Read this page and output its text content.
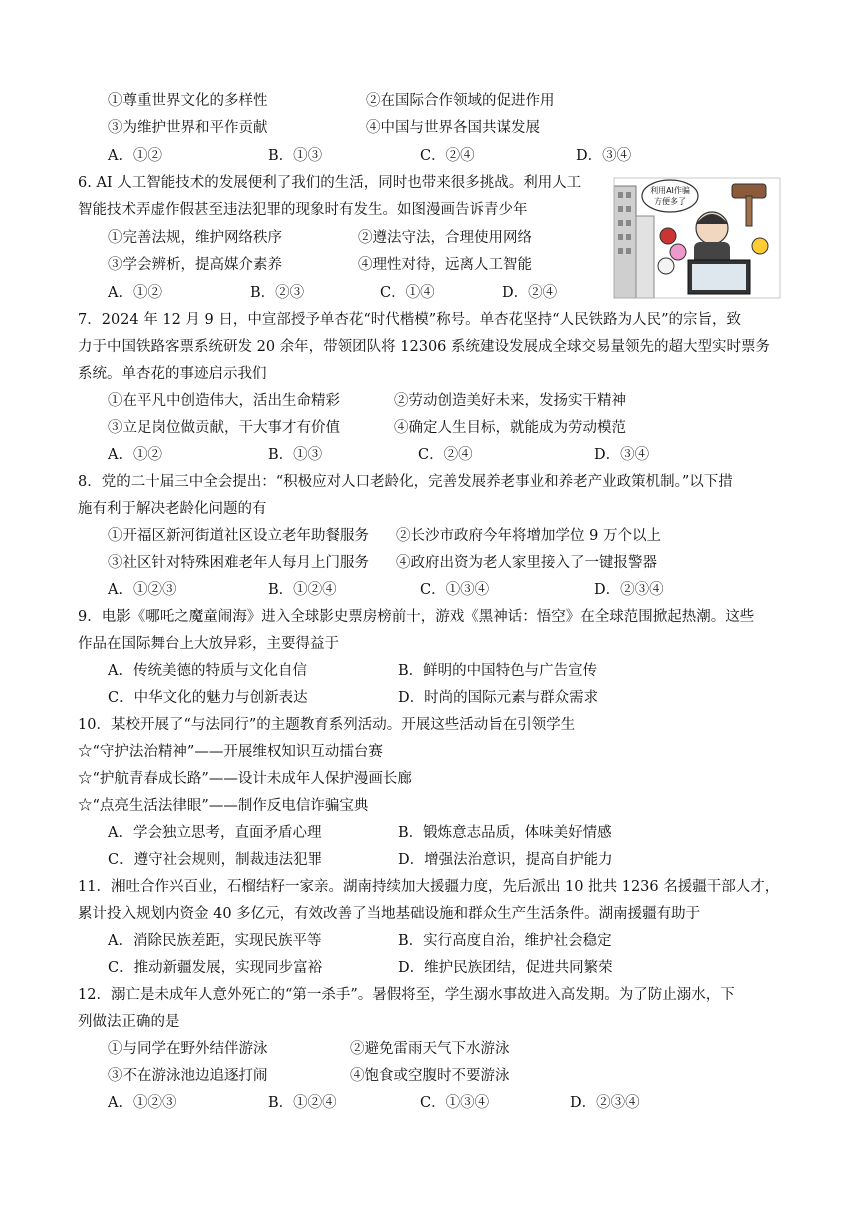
①尊重世界文化的多样性	②在国际合作领域的促进作用
③为维护世界和平作贡献	④中国与世界各国共谋发展
A．①②	B．①③	C．②④	D．③④
6. AI 人工智能技术的发展便利了我们的生活，同时也带来很多挑战。利用人工
智能技术弄虚作假甚至违法犯罪的现象时有发生。如图漫画告诉青少年
①完善法规，维护网络秩序	②遵法守法，合理使用网络
③学会辨析，提高媒介素养	④理性对待，远离人工智能
A．①②	B．②③	C．①④	D．②④
利用AI作骗
方便多了
7．2024 年 12 月 9 日，中宣部授予单杏花“时代楷模”称号。单杏花坚持“人民铁路为人民”的宗旨，致
力于中国铁路客票系统研发 20 余年，带领团队将 12306 系统建设发展成全球交易量领先的超大型实时票务
系统。单杏花的事迹启示我们
①在平凡中创造伟大，活出生命精彩	②劳动创造美好未来，发扬实干精神
③立足岗位做贡献，干大事才有价值	④确定人生目标，就能成为劳动模范
A．①②	B．①③	C．②④	D．③④
8．党的二十届三中全会提出：“积极应对人口老龄化，完善发展养老事业和养老产业政策机制。”以下措
施有利于解决老龄化问题的有
①开福区新河街道社区设立老年助餐服务 ②长沙市政府今年将增加学位 9 万个以上
③社区针对特殊困难老年人每月上门服务 ④政府出资为老人家里接入了一键报警器
A．①②③	B．①②④	C．①③④	D．②③④
9．电影《哪吒之魔童闹海》进入全球影史票房榜前十，游戏《黑神话：悟空》在全球范围掀起热潮。这些
作品在国际舞台上大放异彩，主要得益于
A．传统美德的特质与文化自信	B．鲜明的中国特色与广告宣传
C．中华文化的魅力与创新表达	D．时尚的国际元素与群众需求
10．某校开展了“与法同行”的主题教育系列活动。开展这些活动旨在引领学生
☆“守护法治精神”——开展维权知识互动擂台赛
☆“护航青春成长路”——设计未成年人保护漫画长廊
☆“点亮生活法律眼”——制作反电信诈骗宝典
A．学会独立思考，直面矛盾心理	B．锻炼意志品质，体味美好情感
C．遵守社会规则，制裁违法犯罪	D．增强法治意识，提高自护能力
11．湘吐合作兴百业，石榴结籽一家亲。湖南持续加大援疆力度，先后派出 10 批共 1236 名援疆干部人才，
累计投入规划内资金 40 多亿元，有效改善了当地基础设施和群众生产生活条件。湖南援疆有助于
A．消除民族差距，实现民族平等	B．实行高度自治，维护社会稳定
C．推动新疆发展，实现同步富裕	D．维护民族团结，促进共同繁荣
12．溺亡是未成年人意外死亡的“第一杀手”。暑假将至，学生溺水事故进入高发期。为了防止溺水，下
列做法正确的是
①与同学在野外结伴游泳	②避免雷雨天气下水游泳
③不在游泳池边追逐打闹	④饱食或空腹时不要游泳
A．①②③	B．①②④	C．①③④	D．②③④
